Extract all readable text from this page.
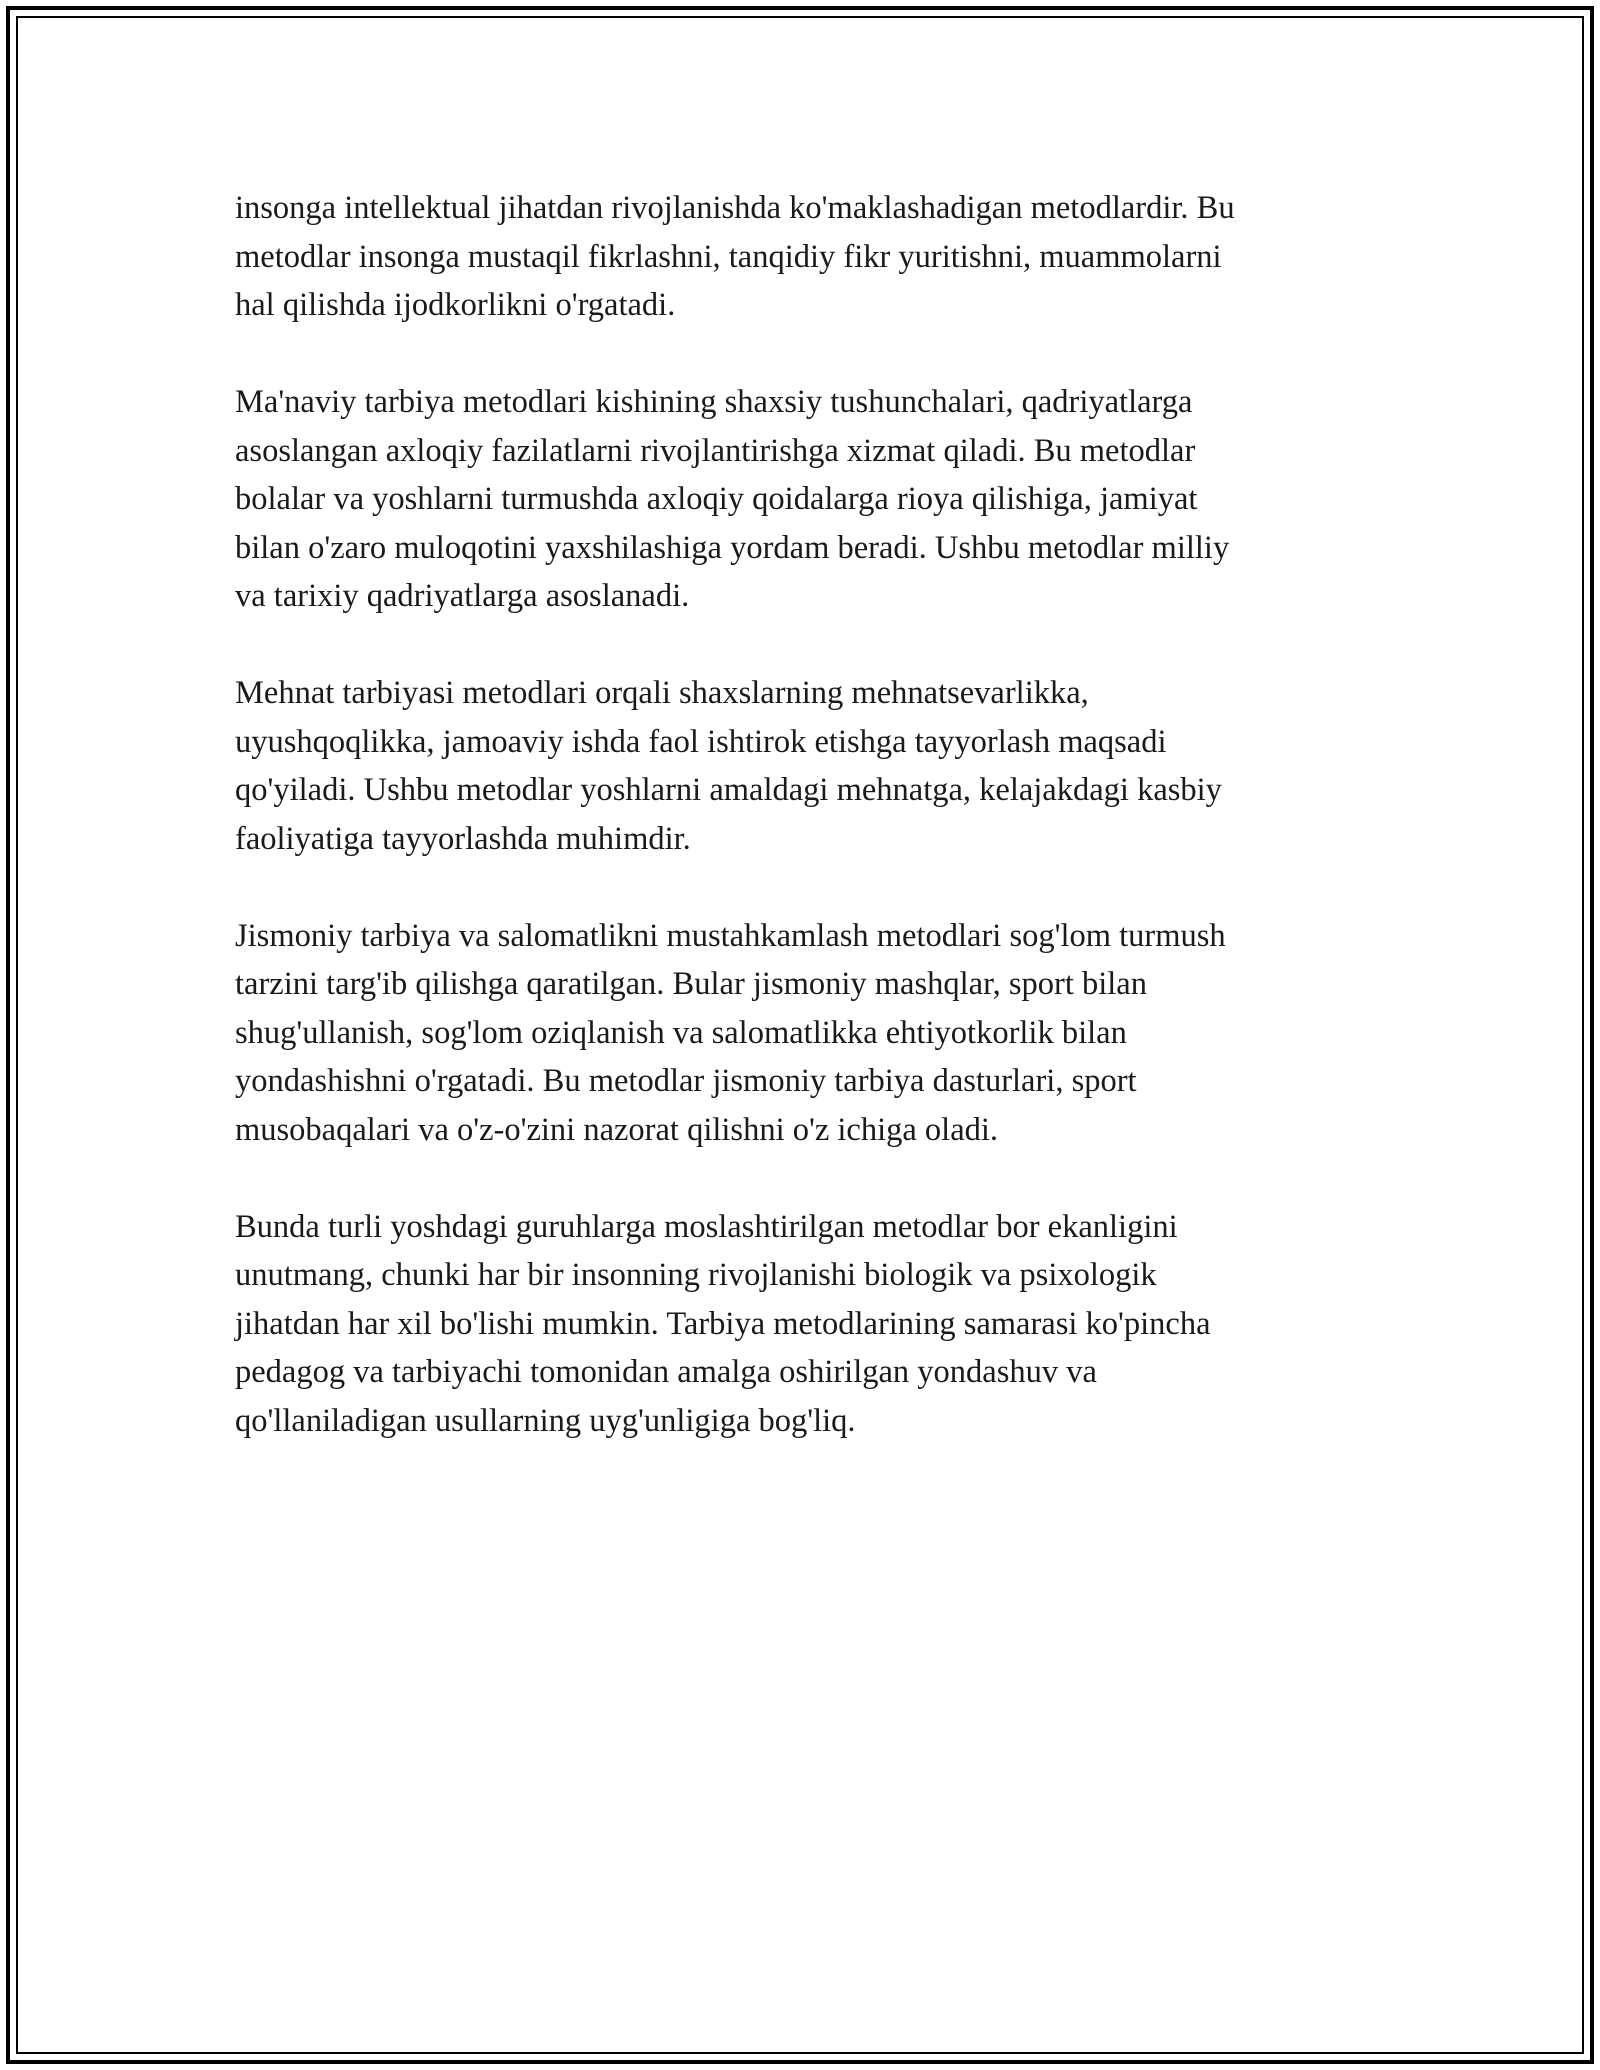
insonga intellektual jihatdan rivojlanishda ko'maklashadigan metodlardir. Bu
metodlar insonga mustaqil fikrlashni, tanqidiy fikr yuritishni, muammolarni
hal qilishda ijodkorlikni o'rgatadi.

Ma'naviy tarbiya metodlari kishining shaxsiy tushunchalari, qadriyatlarga
asoslangan axloqiy fazilatlarni rivojlantirishga xizmat qiladi. Bu metodlar
bolalar va yoshlarni turmushda axloqiy qoidalarga rioya qilishiga, jamiyat
bilan o'zaro muloqotini yaxshilashiga yordam beradi. Ushbu metodlar milliy
va tarixiy qadriyatlarga asoslanadi.

Mehnat tarbiyasi metodlari orqali shaxslarning mehnatsevarlikka,
uyushqoqlikka, jamoaviy ishda faol ishtirok etishga tayyorlash maqsadi
qo'yiladi. Ushbu metodlar yoshlarni amaldagi mehnatga, kelajakdagi kasbiy
faoliyatiga tayyorlashda muhimdir.

Jismoniy tarbiya va salomatlikni mustahkamlash metodlari sog'lom turmush
tarzini targ'ib qilishga qaratilgan. Bular jismoniy mashqlar, sport bilan
shug'ullanish, sog'lom oziqlanish va salomatlikka ehtiyotkorlik bilan
yondashishni o'rgatadi. Bu metodlar jismoniy tarbiya dasturlari, sport
musobaqalari va o'z-o'zini nazorat qilishni o'z ichiga oladi.

Bunda turli yoshdagi guruhlarga moslashtirilgan metodlar bor ekanligini
unutmang, chunki har bir insonning rivojlanishi biologik va psixologik
jihatdan har xil bo'lishi mumkin. Tarbiya metodlarining samarasi ko'pincha
pedagog va tarbiyachi tomonidan amalga oshirilgan yondashuv va
qo'llaniladigan usullarning uyg'unligiga bog'liq.
